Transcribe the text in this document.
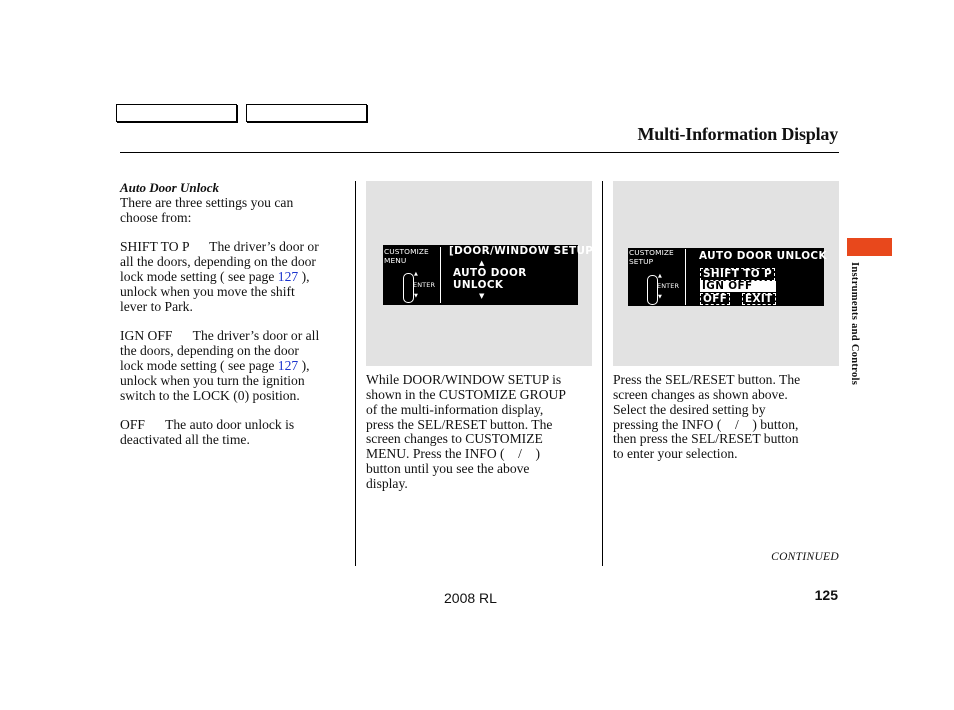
Multi-Information Display
Auto Door Unlock
There are three settings you can
choose from:
SHIFT TO P      The driver’s door or
all the doors, depending on the door
lock mode setting ( see page 127 ),
unlock when you move the shift
lever to Park.
IGN OFF      The driver’s door or all
the doors, depending on the door
lock mode setting ( see page 127 ),
unlock when you turn the ignition
switch to the LOCK (0) position.
OFF      The auto door unlock is
deactivated all the time.
CUSTOMIZE
MENU
▲
ENTER
▼
[DOOR/WINDOW SETUP]
▲
AUTO DOOR
UNLOCK
▼
CUSTOMIZE
SETUP
▲
ENTER
▼
AUTO DOOR UNLOCK
SHIFT TO P
IGN OFF
OFF EXIT
While DOOR/WINDOW SETUP is
shown in the CUSTOMIZE GROUP
of the multi-information display,
press the SEL/RESET button. The
screen changes to CUSTOMIZE
MENU. Press the INFO (    /    )
button until you see the above
display.
Press the SEL/RESET button. The
screen changes as shown above.
Select the desired setting by
pressing the INFO (    /    ) button,
then press the SEL/RESET button
to enter your selection.
Instruments and Controls
CONTINUED
2008 RL	125
